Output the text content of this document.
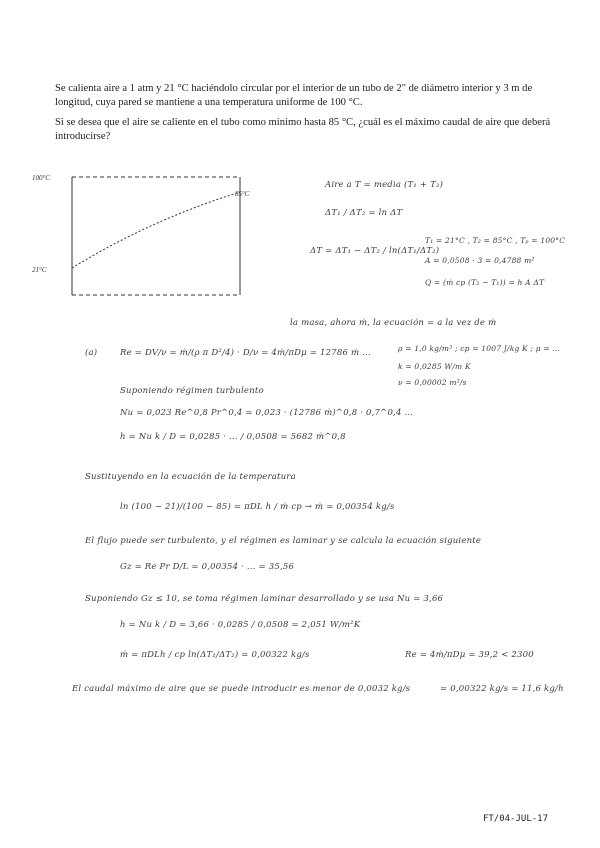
Se calienta aire a 1 atm y 21 °C haciéndolo circular por el interior de un tubo de 2" de diámetro interior y 3 m de longitud, cuya pared se mantiene a una temperatura uniforme de 100 °C.

Si se desea que el aire se caliente en el tubo como mínimo hasta 85 °C, ¿cuál es el máximo caudal de aire que deberá introducirse?

100°C
21°C
85°C
Aire a T = media (T₁ + T₂)
ΔT₁ / ΔT₂ = ln ΔT
ΔT = ΔT₁ − ΔT₂ / ln(ΔT₁/ΔT₂)
T₁ = 21°C , T₂ = 85°C , Tₚ = 100°C
A = 0,0508 · 3 = 0,4788 m²
Q = (ṁ cp (T₂ − T₁)) = h A ΔT
la masa, ahora ṁ, la ecuación = a la vez de ṁ
(a)	Re = DV/ν = ṁ/(ρ π D²/4) · D/ν = 4ṁ/πDμ = 12786 ṁ ...	ρ = 1,0 kg/m³ ; cp = 1007 J/kg K ; μ = ...
k = 0,0285 W/m K
ν = 0,00002 m²/s
Suponiendo régimen turbulento
Nu = 0,023 Re^0,8 Pr^0,4 = 0,023 · (12786 ṁ)^0,8 · 0,7^0,4 ...
h = Nu k / D = 0,0285 · ... / 0,0508 = 5682 ṁ^0,8
Sustituyendo en la ecuación de la temperatura
ln (100 − 21)/(100 − 85) = πDL h / ṁ cp → ṁ = 0,00354 kg/s
El flujo puede ser turbulento, y el régimen es laminar y se calcula la ecuación siguiente
Gz = Re Pr D/L = 0,00354 · ... = 35,56
Suponiendo Gz ≤ 10, se toma régimen laminar desarrollado y se usa Nu = 3,66
h = Nu k / D = 3,66 · 0,0285 / 0,0508 = 2,051 W/m²K
ṁ = πDLh / cp ln(ΔT₁/ΔT₂) = 0,00322 kg/s	Re = 4ṁ/πDμ = 39,2 < 2300
El caudal máximo de aire que se puede introducir es menor de 0,0032 kg/s	= 0,00322 kg/s = 11,6 kg/h
FT/04-JUL-17
